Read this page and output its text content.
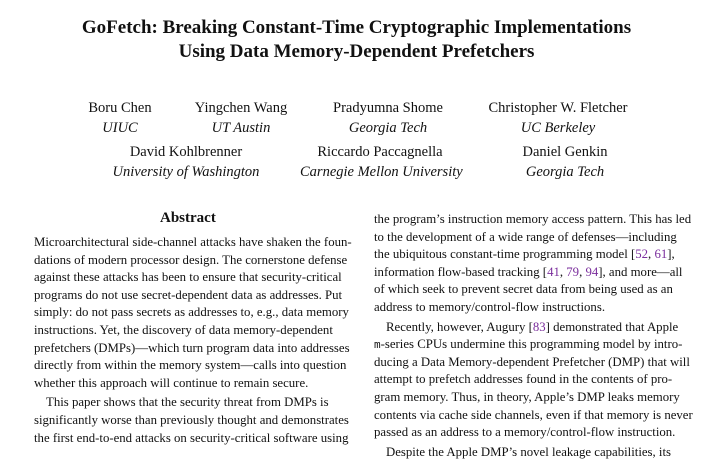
GoFetch: Breaking Constant-Time Cryptographic Implementations
Using Data Memory-Dependent Prefetchers
Boru Chen
UIUC
Yingchen Wang
UT Austin
Pradyumna Shome
Georgia Tech
Christopher W. Fletcher
UC Berkeley
David Kohlbrenner
University of Washington
Riccardo Paccagnella
Carnegie Mellon University
Daniel Genkin
Georgia Tech
Abstract
Microarchitectural side-channel attacks have shaken the foun-
dations of modern processor design. The cornerstone defense
against these attacks has been to ensure that security-critical
programs do not use secret-dependent data as addresses. Put
simply: do not pass secrets as addresses to, e.g., data memory
instructions. Yet, the discovery of data memory-dependent
prefetchers (DMPs)—which turn program data into addresses
directly from within the memory system—calls into question
whether this approach will continue to remain secure.
This paper shows that the security threat from DMPs is
significantly worse than previously thought and demonstrates
the first end-to-end attacks on security-critical software using
the program’s instruction memory access pattern. This has led
to the development of a wide range of defenses—including
the ubiquitous constant-time programming model [52, 61],
information flow-based tracking [41, 79, 94], and more—all
of which seek to prevent secret data from being used as an
address to memory/control-flow instructions.
Recently, however, Augury [83] demonstrated that Apple
m-series CPUs undermine this programming model by intro-
ducing a Data Memory-dependent Prefetcher (DMP) that will
attempt to prefetch addresses found in the contents of pro-
gram memory. Thus, in theory, Apple’s DMP leaks memory
contents via cache side channels, even if that memory is never
passed as an address to a memory/control-flow instruction.
Despite the Apple DMP’s novel leakage capabilities, its
